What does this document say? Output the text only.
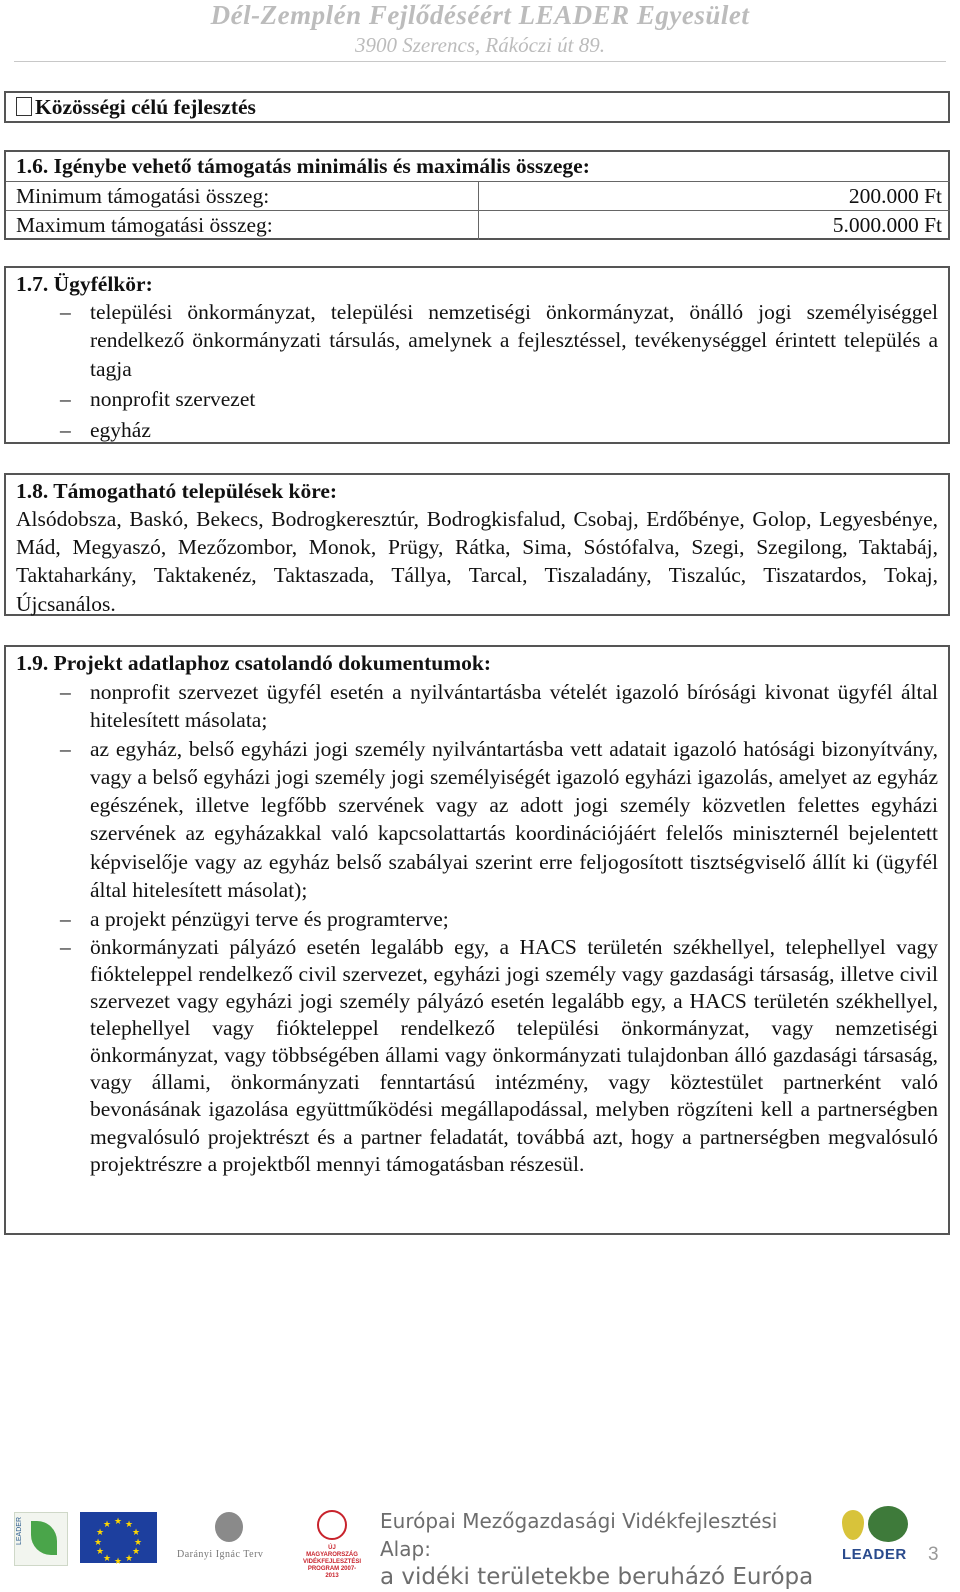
Dél-Zemplén Fejlődéséért LEADER Egyesület
3900 Szerencs, Rákóczi út 89.
Közösségi célú fejlesztés
1.6. Igénybe vehető támogatás minimális és maximális összege:
Minimum támogatási összeg:	200.000 Ft
Maximum támogatási összeg:	5.000.000 Ft
1.7. Ügyfélkör:
– települési önkormányzat, települési nemzetiségi önkormányzat, önálló jogi személyiséggel rendelkező önkormányzati társulás, amelynek a fejlesztéssel, tevékenységgel érintett település a tagja
– nonprofit szervezet
– egyház
1.8. Támogatható települések köre:
Alsódobsza, Baskó, Bekecs, Bodrogkeresztúr, Bodrogkisfalud, Csobaj, Erdőbénye, Golop, Legyesbénye, Mád, Megyaszó, Mezőzombor, Monok, Prügy, Rátka, Sima, Sóstófalva, Szegi, Szegilong, Taktabáj, Taktaharkány, Taktakenéz, Taktaszada, Tállya, Tarcal, Tiszaladány, Tiszalúc, Tiszatardos, Tokaj, Újcsanálos.
1.9. Projekt adatlaphoz csatolandó dokumentumok:
– nonprofit szervezet ügyfél esetén a nyilvántartásba vételét igazoló bírósági kivonat ügyfél által hitelesített másolata;
– az egyház, belső egyházi jogi személy nyilvántartásba vett adatait igazoló hatósági bizonyítvány, vagy a belső egyházi jogi személy jogi személyiségét igazoló egyházi igazolás, amelyet az egyház egészének, illetve legfőbb szervének vagy az adott jogi személy közvetlen felettes egyházi szervének az egyházakkal való kapcsolattartás koordinációjáért felelős miniszternél bejelentett képviselője vagy az egyház belső szabályai szerint erre feljogosított tisztségviselő állít ki (ügyfél által hitelesített másolat);
– a projekt pénzügyi terve és programterve;
– önkormányzati pályázó esetén legalább egy, a HACS területén székhellyel, telephellyel vagy fiókteleppel rendelkező civil szervezet, egyházi jogi személy vagy gazdasági társaság, illetve civil szervezet vagy egyházi jogi személy pályázó esetén legalább egy, a HACS területén székhellyel, telephellyel vagy fiókteleppel rendelkező települési önkormányzat, vagy nemzetiségi önkormányzat, vagy többségében állami vagy önkormányzati tulajdonban álló gazdasági társaság, vagy állami, önkormányzati fenntartású intézmény, vagy köztestület partnerként való bevonásának igazolása együttműködési megállapodással, melyben rögzíteni kell a partnerségben megvalósuló projektrészt és a partner feladatát, továbbá azt, hogy a partnerségben megvalósuló projektrészre a projektből mennyi támogatásban részesül.
LEADER	★ ★
★
★
★
★
★
★
★
★
★
★
Darányi Ignác Terv
ÚJ MAGYARORSZÁG VIDÉKFEJLESZTÉSI PROGRAM 2007-2013
Európai Mezőgazdasági Vidékfejlesztési Alap:
a vidéki területekbe beruházó Európa
LEADER 3
